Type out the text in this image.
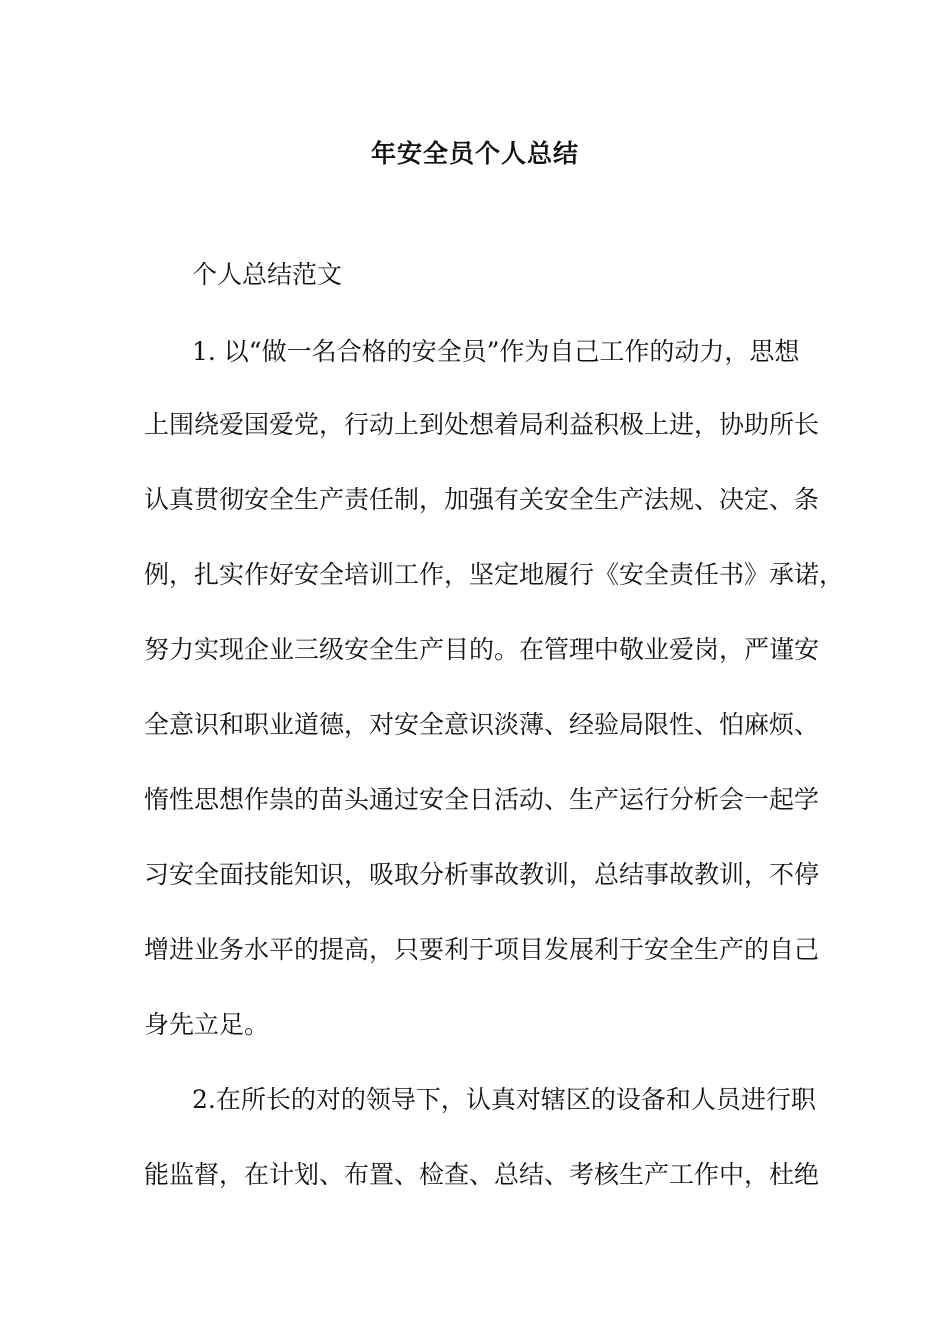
年安全员个人总结
个人总结范文
1. 以“做一名合格的安全员”作为自己工作的动力，思想
上围绕爱国爱党，行动上到处想着局利益积极上进，协助所长
认真贯彻安全生产责任制，加强有关安全生产法规、决定、条
例，扎实作好安全培训工作，坚定地履行《安全责任书》承诺，
努力实现企业三级安全生产目的。在管理中敬业爱岗，严谨安
全意识和职业道德，对安全意识淡薄、经验局限性、怕麻烦、
惰性思想作祟的苗头通过安全日活动、生产运行分析会一起学
习安全面技能知识，吸取分析事故教训，总结事故教训，不停
增进业务水平的提高，只要利于项目发展利于安全生产的自己
身先立足。
2.在所长的对的领导下，认真对辖区的设备和人员进行职
能监督，在计划、布置、检查、总结、考核生产工作中，杜绝
